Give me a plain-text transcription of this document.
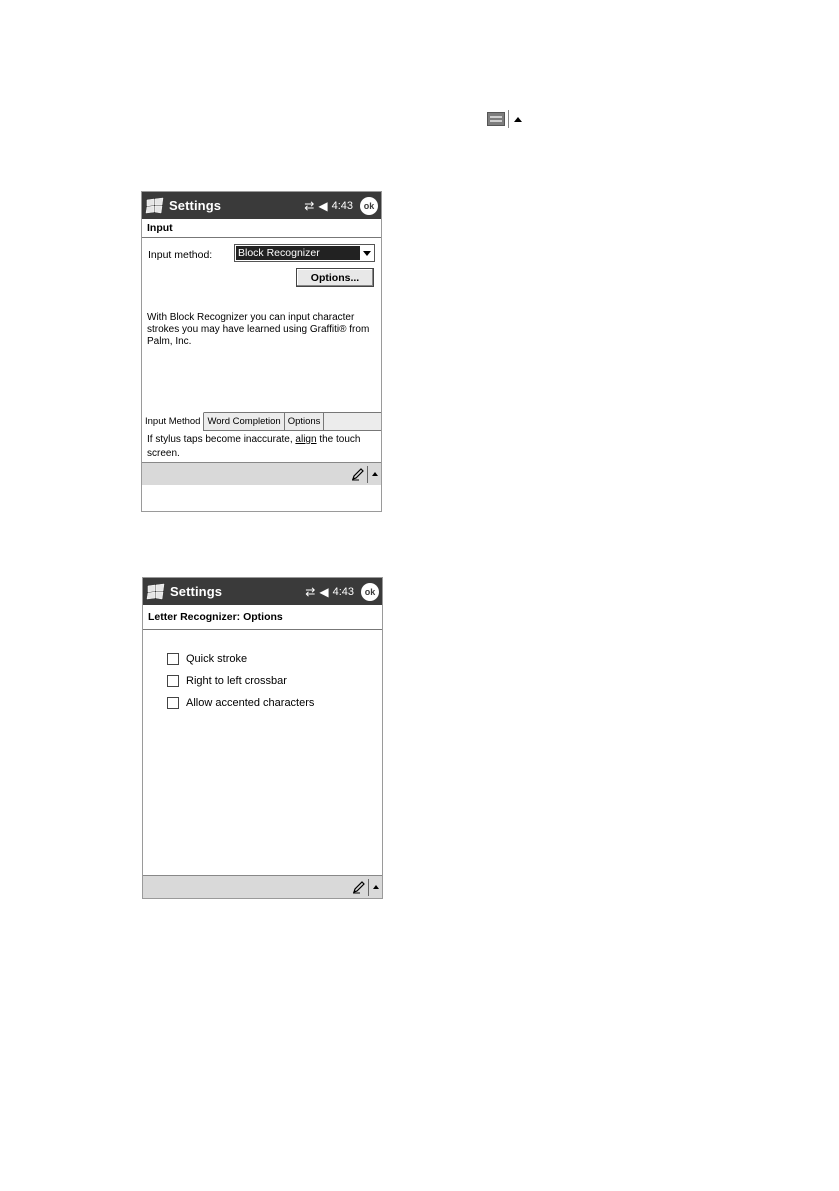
Settings	⇄ ◀ 4:43	ok
Input
Input method: Block Recognizer
Options...
With Block Recognizer you can input character strokes you may have learned using Graffiti® from Palm, Inc.
Input Method Word Completion Options
If stylus taps become inaccurate, align the touch screen.
Settings	⇄ ◀ 4:43	ok
Letter Recognizer: Options
Quick stroke
Right to left crossbar
Allow accented characters
